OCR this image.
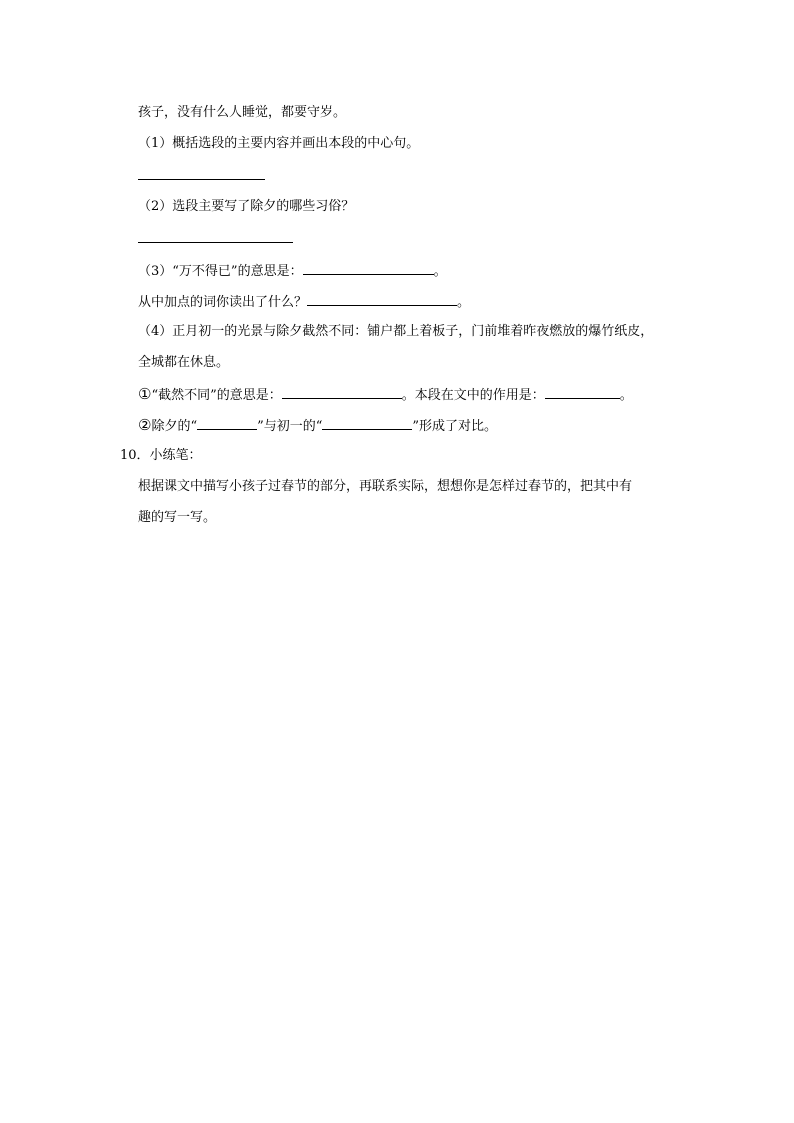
孩子，没有什么人睡觉，都要守岁。
（1）概括选段的主要内容并画出本段的中心句。
（2）选段主要写了除夕的哪些习俗？
（3）“万不得已”的意思是：	。
从中加点的词你读出了什么？	。
（4）正月初一的光景与除夕截然不同：铺户都上着板子，门前堆着昨夜燃放的爆竹纸皮，
全城都在休息。
①“截然不同”的意思是：	。本段在文中的作用是：	。
②除夕的“	”与初一的“	”形成了对比。
10．小练笔：
根据课文中描写小孩子过春节的部分，再联系实际，想想你是怎样过春节的，把其中有
趣的写一写。
